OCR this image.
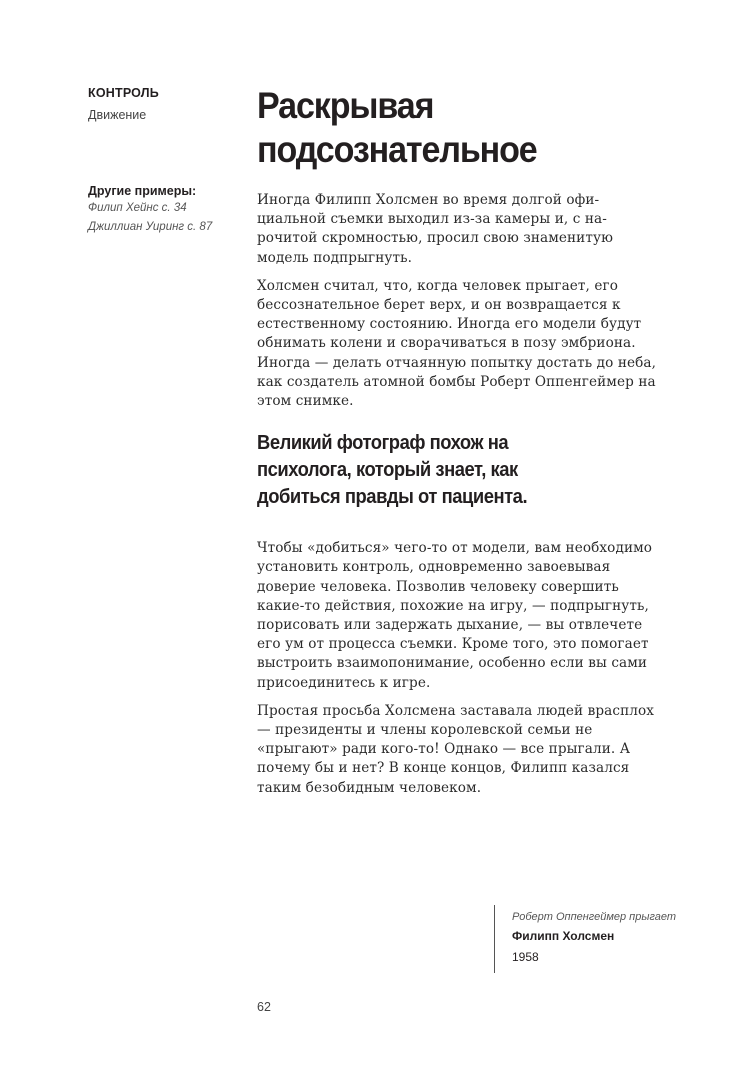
КОНТРОЛЬ
Движение
Другие примеры:
Филип Хейнс с. 34
Джиллиан Уиринг с. 87
Раскрывая
подсознательное

Иногда Филипп Холсмен во время долгой официальной съемки выходил из-за камеры и, с нарочитой скромностью, просил свою знаменитую модель подпрыгнуть.

Холсмен считал, что, когда человек прыгает, его бессознательное берет верх, и он возвращается к естественному состоянию. Иногда его модели будут обнимать колени и сворачиваться в позу эмбриона. Иногда — делать отчаянную попытку достать до неба, как создатель атомной бомбы Роберт Оппенгеймер на этом снимке.

Великий фотограф похож на психолога, который знает, как добиться правды от пациента.

Чтобы «добиться» чего-то от модели, вам необходимо установить контроль, одновременно завоевывая доверие человека. Позволив человеку совершить какие-то действия, похожие на игру, — подпрыгнуть, порисовать или задержать дыхание, — вы отвлечете его ум от процесса съемки. Кроме того, это помогает выстроить взаимопонимание, особенно если вы сами присоединитесь к игре.

Простая просьба Холсмена заставала людей врасплох — президенты и члены королевской семьи не «прыгают» ради кого-то! Однако — все прыгали. А почему бы и нет? В конце концов, Филипп казался таким безобидным человеком.

Роберт Оппенгеймер прыгает
Филипп Холсмен
1958
62
